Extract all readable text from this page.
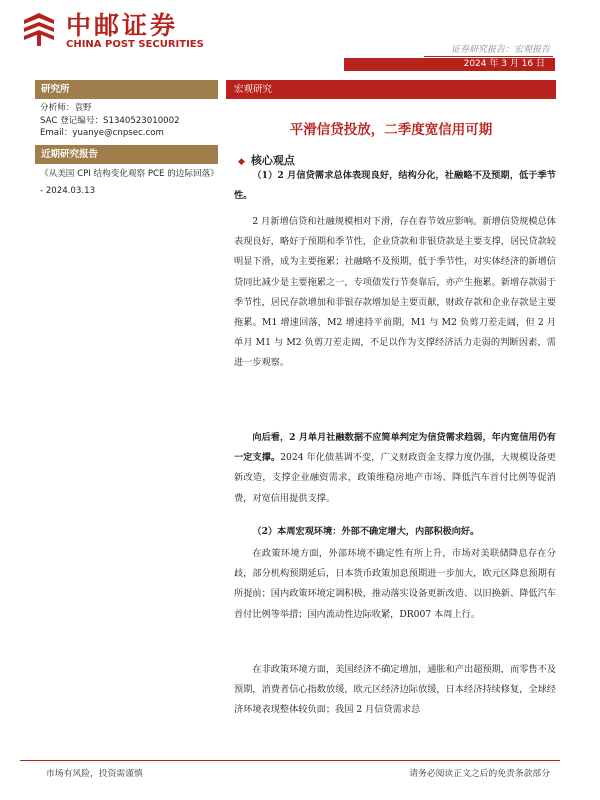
中邮证券
CHINA POST SECURITIES	证券研究报告：宏观报告
2024 年 3 月 16 日
研究所
分析师：袁野
SAC 登记编号：S1340523010002
Email：yuanye@cnpsec.com
近期研究报告
《从美国 CPI 结构变化观察 PCE 的边际回落》 - 2024.03.13
宏观研究
平滑信贷投放，二季度宽信用可期
◆ 核心观点
（1）2 月信贷需求总体表现良好，结构分化，社融略不及预期，低于季节性。
2 月新增信贷和社融规模相对下滑，存在春节效应影响。新增信贷规模总体表现良好，略好于预期和季节性，企业贷款和非银贷款是主要支撑，居民贷款较明显下滑，成为主要拖累；社融略不及预期，低于季节性，对实体经济的新增信贷同比减少是主要拖累之一，专项债发行节奏靠后，亦产生拖累。新增存款弱于季节性，居民存款增加和非银存款增加是主要贡献，财政存款和企业存款是主要拖累。M1 增速回落，M2 增速持平前期，M1 与 M2 负剪刀差走阔，但 2 月单月 M1 与 M2 负剪刀差走阔，不足以作为支撑经济活力走弱的判断因素，需进一步观察。
向后看，2 月单月社融数据不应简单判定为信贷需求趋弱，年内宽信用仍有一定支撑。2024 年化债基调不变，广义财政资金支撑力度仍强，大规模设备更新改造，支撑企业融资需求，政策维稳房地产市场、降低汽车首付比例等促消费，对宽信用提供支撑。
（2）本周宏观环境：外部不确定增大，内部积极向好。
在政策环境方面，外部环境不确定性有所上升，市场对美联储降息存在分歧，部分机构预期延后，日本货币政策加息预期进一步加大，欧元区降息预期有所提前；国内政策环境定调积极，推动落实设备更新改造、以旧换新、降低汽车首付比例等举措；国内流动性边际收紧，DR007 本周上行。
在非政策环境方面，美国经济不确定增加，通胀和产出超预期，而零售不及预期，消费者信心指数放缓，欧元区经济边际放缓，日本经济持续修复，全球经济环境表现整体较负面；我国 2 月信贷需求总
市场有风险，投资需谨慎	请务必阅读正文之后的免责条款部分
